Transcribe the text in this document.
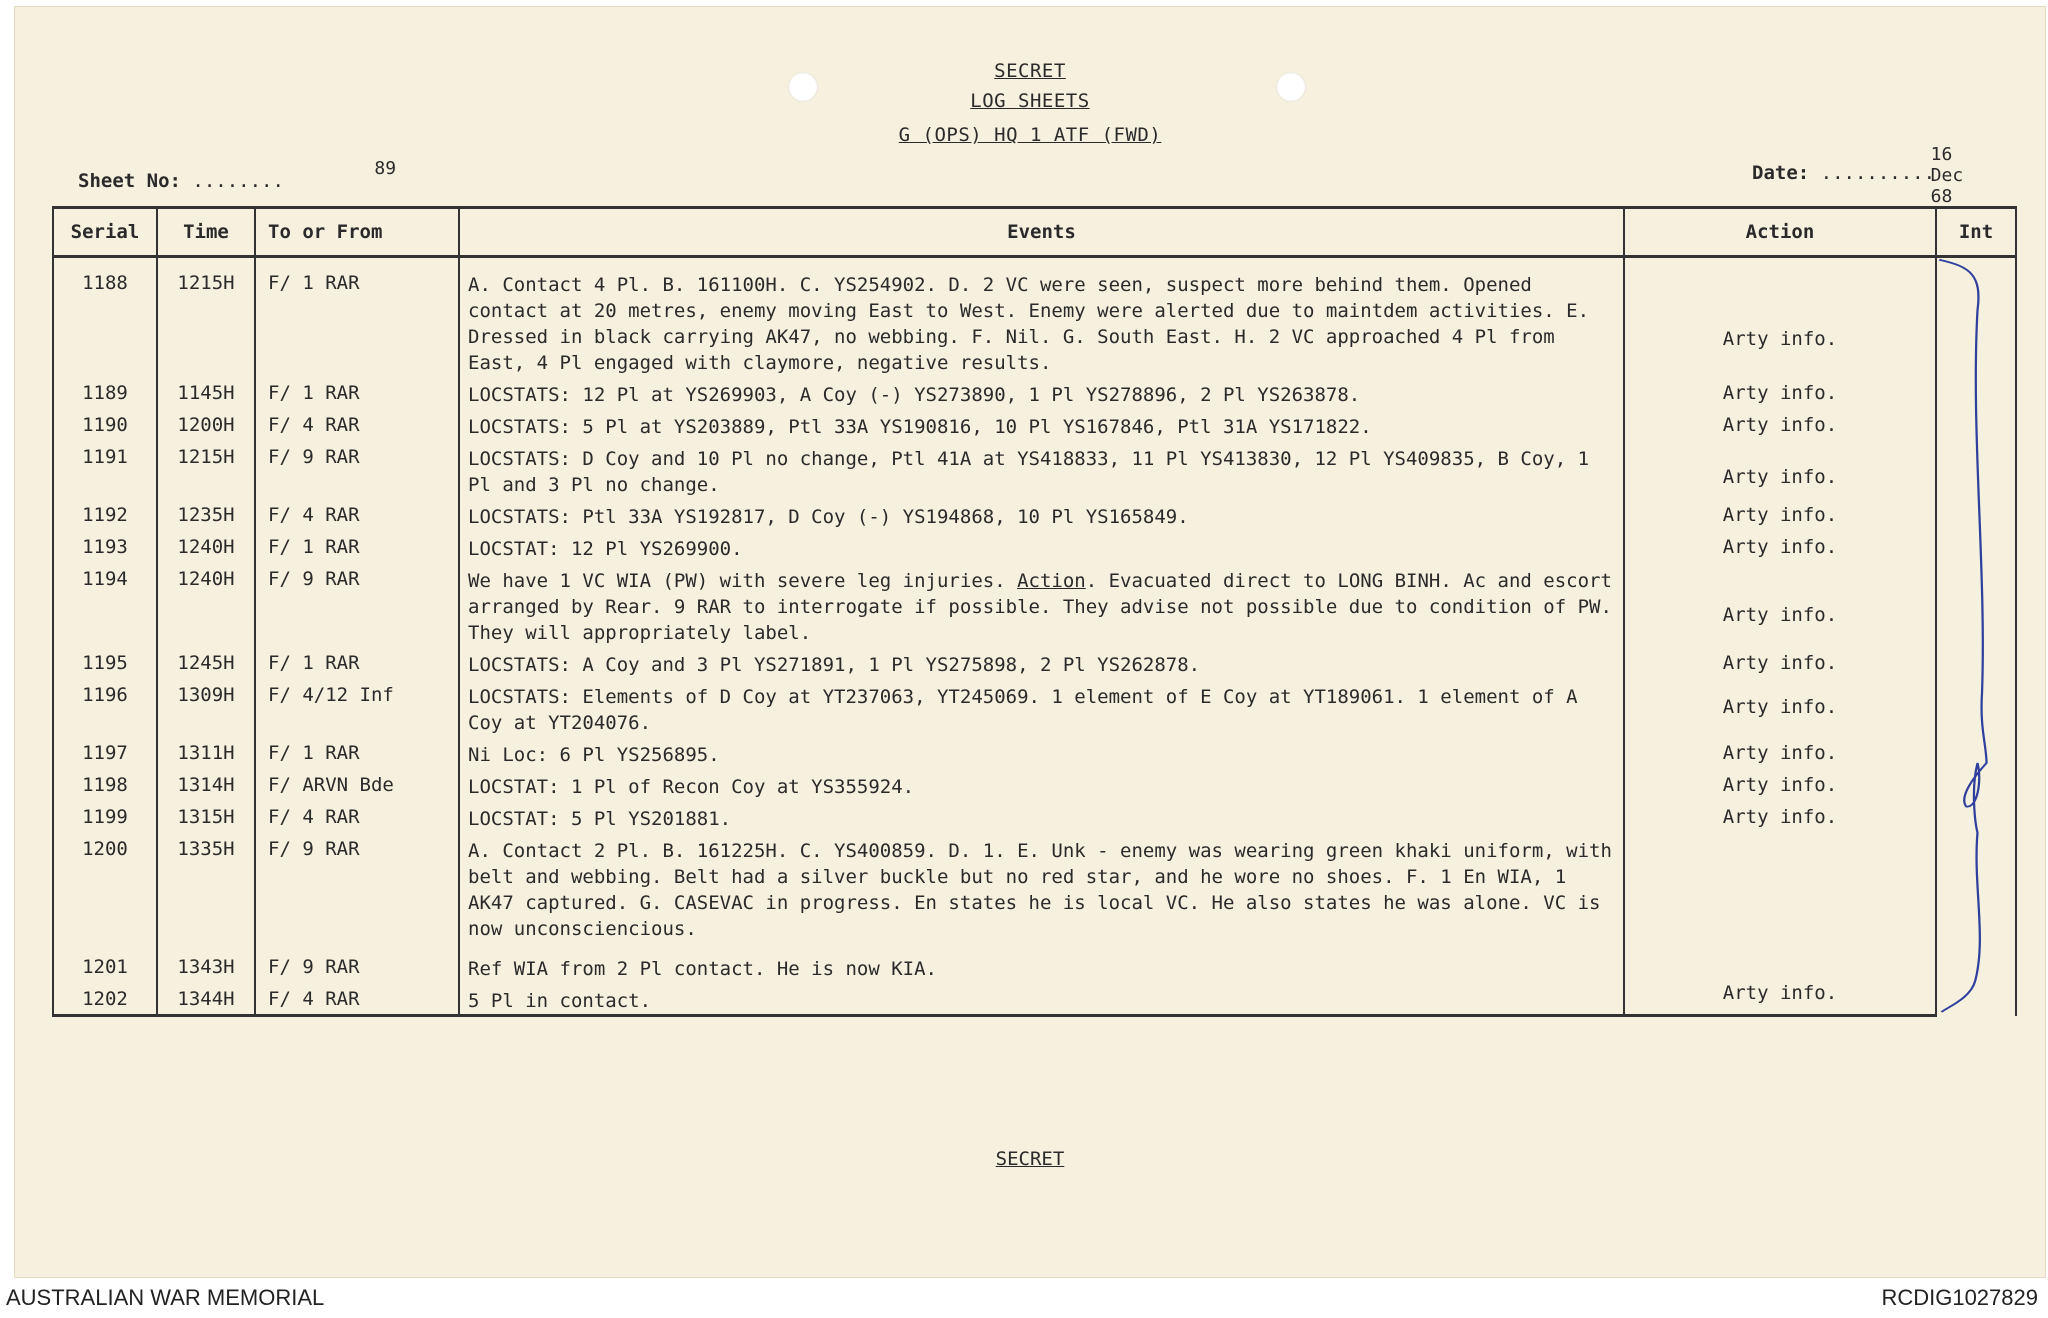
SECRET
LOG SHEETS
G (OPS) HQ 1 ATF (FWD)
Sheet No: ........
89	Date: ..........
16 Dec 68
SECRET
Serial	Time	To or From	Events	Action	Int
1188	1215H	F/ 1 RAR	A. Contact 4 Pl. B. 161100H. C. YS254902. D. 2 VC were seen, suspect more behind them. Opened contact at 20 metres, enemy moving East to West. Enemy were alerted due to maintdem activities. E. Dressed in black carrying AK47, no webbing. F. Nil. G. South East. H. 2 VC approached 4 Pl from East, 4 Pl engaged with claymore, negative results.	Arty info.

1189	1145H	F/ 1 RAR	LOCSTATS: 12 Pl at YS269903, A Coy (-) YS273890, 1 Pl YS278896, 2 Pl YS263878.	Arty info.	
1190	1200H	F/ 4 RAR	LOCSTATS: 5 Pl at YS203889, Ptl 33A YS190816, 10 Pl YS167846, Ptl 31A YS171822.	Arty info.	
1191	1215H	F/ 9 RAR	LOCSTATS: D Coy and 10 Pl no change, Ptl 41A at YS418833, 11 Pl YS413830, 12 Pl YS409835, B Coy, 1 Pl and 3 Pl no change.	Arty info.	

1192	1235H	F/ 4 RAR	LOCSTATS: Ptl 33A YS192817, D Coy (-) YS194868, 10 Pl YS165849.	Arty info.	
1193	1240H	F/ 1 RAR	LOCSTAT: 12 Pl YS269900.	Arty info.	
1194	1240H	F/ 9 RAR	We have 1 VC WIA (PW) with severe leg injuries. Action. Evacuated direct to LONG BINH. Ac and escort arranged by Rear. 9 RAR to interrogate if possible. They advise not possible due to condition of PW. They will appropriately label.	Arty info.	

1195	1245H	F/ 1 RAR	LOCSTATS: A Coy and 3 Pl YS271891, 1 Pl YS275898, 2 Pl YS262878.	Arty info.	
1196	1309H	F/ 4/12 Inf	LOCSTATS: Elements of D Coy at YT237063, YT245069. 1 element of E Coy at YT189061. 1 element of A Coy at YT204076.	Arty info.	

1197	1311H	F/ 1 RAR	Ni Loc: 6 Pl YS256895.	Arty info.	
1198	1314H	F/ ARVN Bde	LOCSTAT: 1 Pl of Recon Coy at YS355924.	Arty info.	
1199	1315H	F/ 4 RAR	LOCSTAT: 5 Pl YS201881.	Arty info.	
1200	1335H	F/ 9 RAR	A. Contact 2 Pl. B. 161225H. C. YS400859. D. 1. E. Unk - enemy was wearing green khaki uniform, with belt and webbing. Belt had a silver buckle but no red star, and he wore no shoes. F. 1 En WIA, 1 AK47 captured. G. CASEVAC in progress. En states he is local VC. He also states he was alone. VC is now unconsciencious.		
1201	1343H	F/ 9 RAR	Ref WIA from 2 Pl contact. He is now KIA.		
1202	1344H	F/ 4 RAR	5 Pl in contact.	Arty info.	
AUSTRALIAN WAR MEMORIAL	RCDIG1027829
